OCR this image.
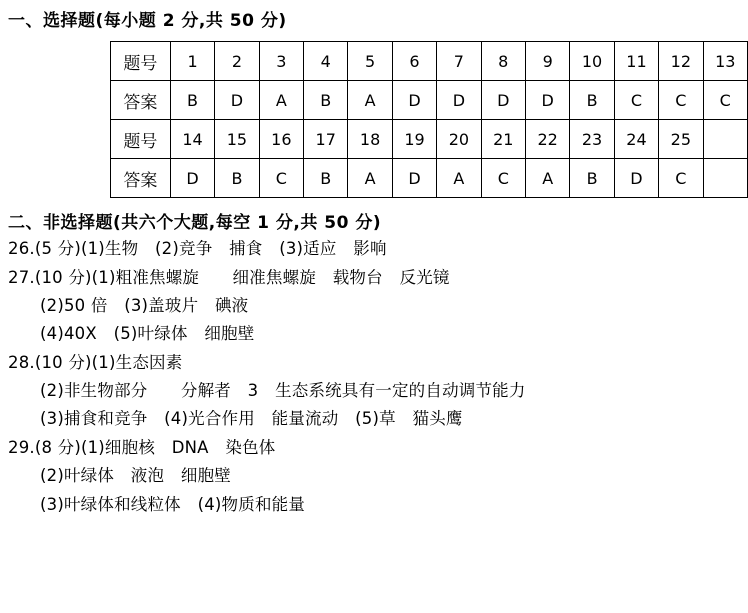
一、选择题(每小题 2 分,共 50 分)
题号	1	2	3	4	5	6	7	8	9	10	11	12	13
答案	B	D	A	B	A	D	D	D	D	B	C	C	C
题号	14	15	16	17	18	19	20	21	22	23	24	25	
答案	D	B	C	B	A	D	A	C	A	B	D	C	
二、非选择题(共六个大题,每空 1 分,共 50 分)
26.(5 分)(1)生物　(2)竞争　捕食　(3)适应　影响
27.(10 分)(1)粗准焦螺旋　　细准焦螺旋　载物台　反光镜
(2)50 倍　(3)盖玻片　碘液
(4)40X　(5)叶绿体　细胞壁
28.(10 分)(1)生态因素
(2)非生物部分　　分解者　3　生态系统具有一定的自动调节能力
(3)捕食和竞争　(4)光合作用　能量流动　(5)草　猫头鹰
29.(8 分)(1)细胞核　DNA　染色体
(2)叶绿体　液泡　细胞壁
(3)叶绿体和线粒体　(4)物质和能量
